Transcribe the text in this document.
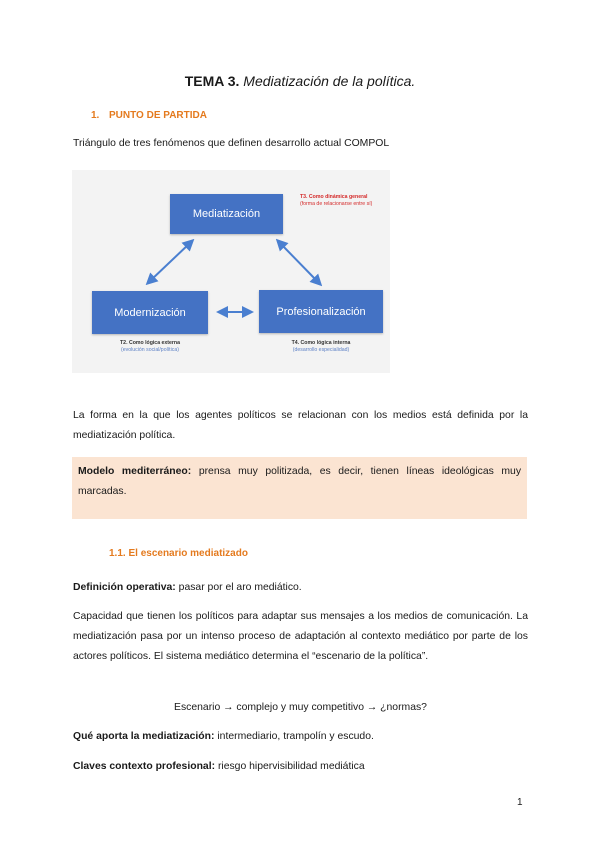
TEMA 3. Mediatización de la política.
1. PUNTO DE PARTIDA
Triángulo de tres fenómenos que definen desarrollo actual COMPOL
Mediatización
Modernización	Profesionalización
T3. Como dinámica general
(forma de relacionarse entre sí)
T2. Como lógica externa
(evolución social/política)
T4. Como lógica interna
(desarrollo especialidad)
La forma en la que los agentes políticos se relacionan con los medios está definida por la mediatización política.
Modelo mediterráneo: prensa muy politizada, es decir, tienen líneas ideológicas muy marcadas.
1.1. El escenario mediatizado
Definición operativa: pasar por el aro mediático.
Capacidad que tienen los políticos para adaptar sus mensajes a los medios de comunicación. La mediatización pasa por un intenso proceso de adaptación al contexto mediático por parte de los actores políticos. El sistema mediático determina el “escenario de la política”.
Escenario → complejo y muy competitivo → ¿normas?
Qué aporta la mediatización: intermediario, trampolín y escudo.
Claves contexto profesional: riesgo hipervisibilidad mediática
1
